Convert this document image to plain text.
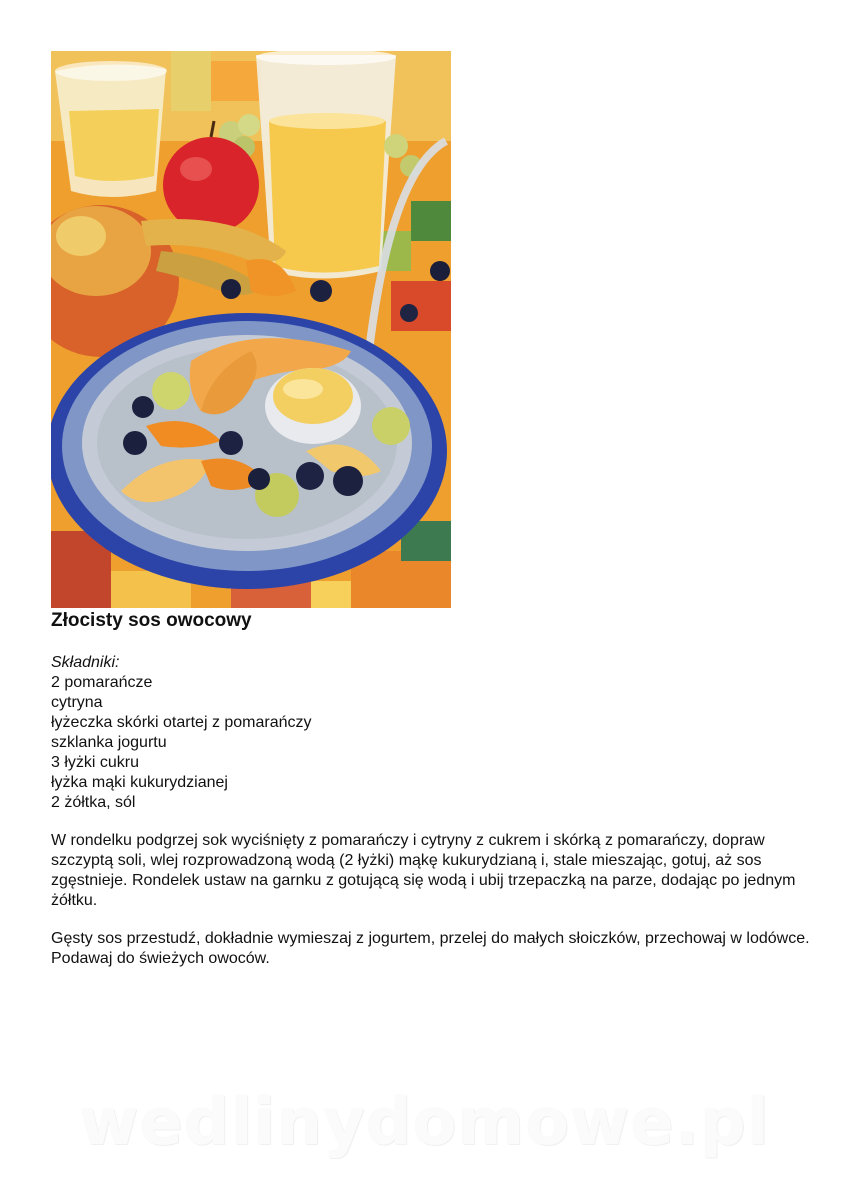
Złocisty sos owocowy
Składniki:
2 pomarańcze
cytryna
łyżeczka skórki otartej z pomarańczy
szklanka jogurtu
3 łyżki cukru
łyżka mąki kukurydzianej
2 żółtka, sól

W rondelku podgrzej sok wyciśnięty z pomarańczy i cytryny z cukrem i skórką z pomarańczy, dopraw szczyptą soli, wlej rozprowadzoną wodą (2 łyżki) mąkę kukurydzianą i, stale mieszając, gotuj, aż sos zgęstnieje. Rondelek ustaw na garnku z gotującą się wodą i ubij trzepaczką na parze, dodając po jednym żółtku.

Gęsty sos przestudź, dokładnie wymieszaj z jogurtem, przelej do małych słoiczków, przechowaj w lodówce. Podawaj do świeżych owoców.

wedlinydomowe.pl
